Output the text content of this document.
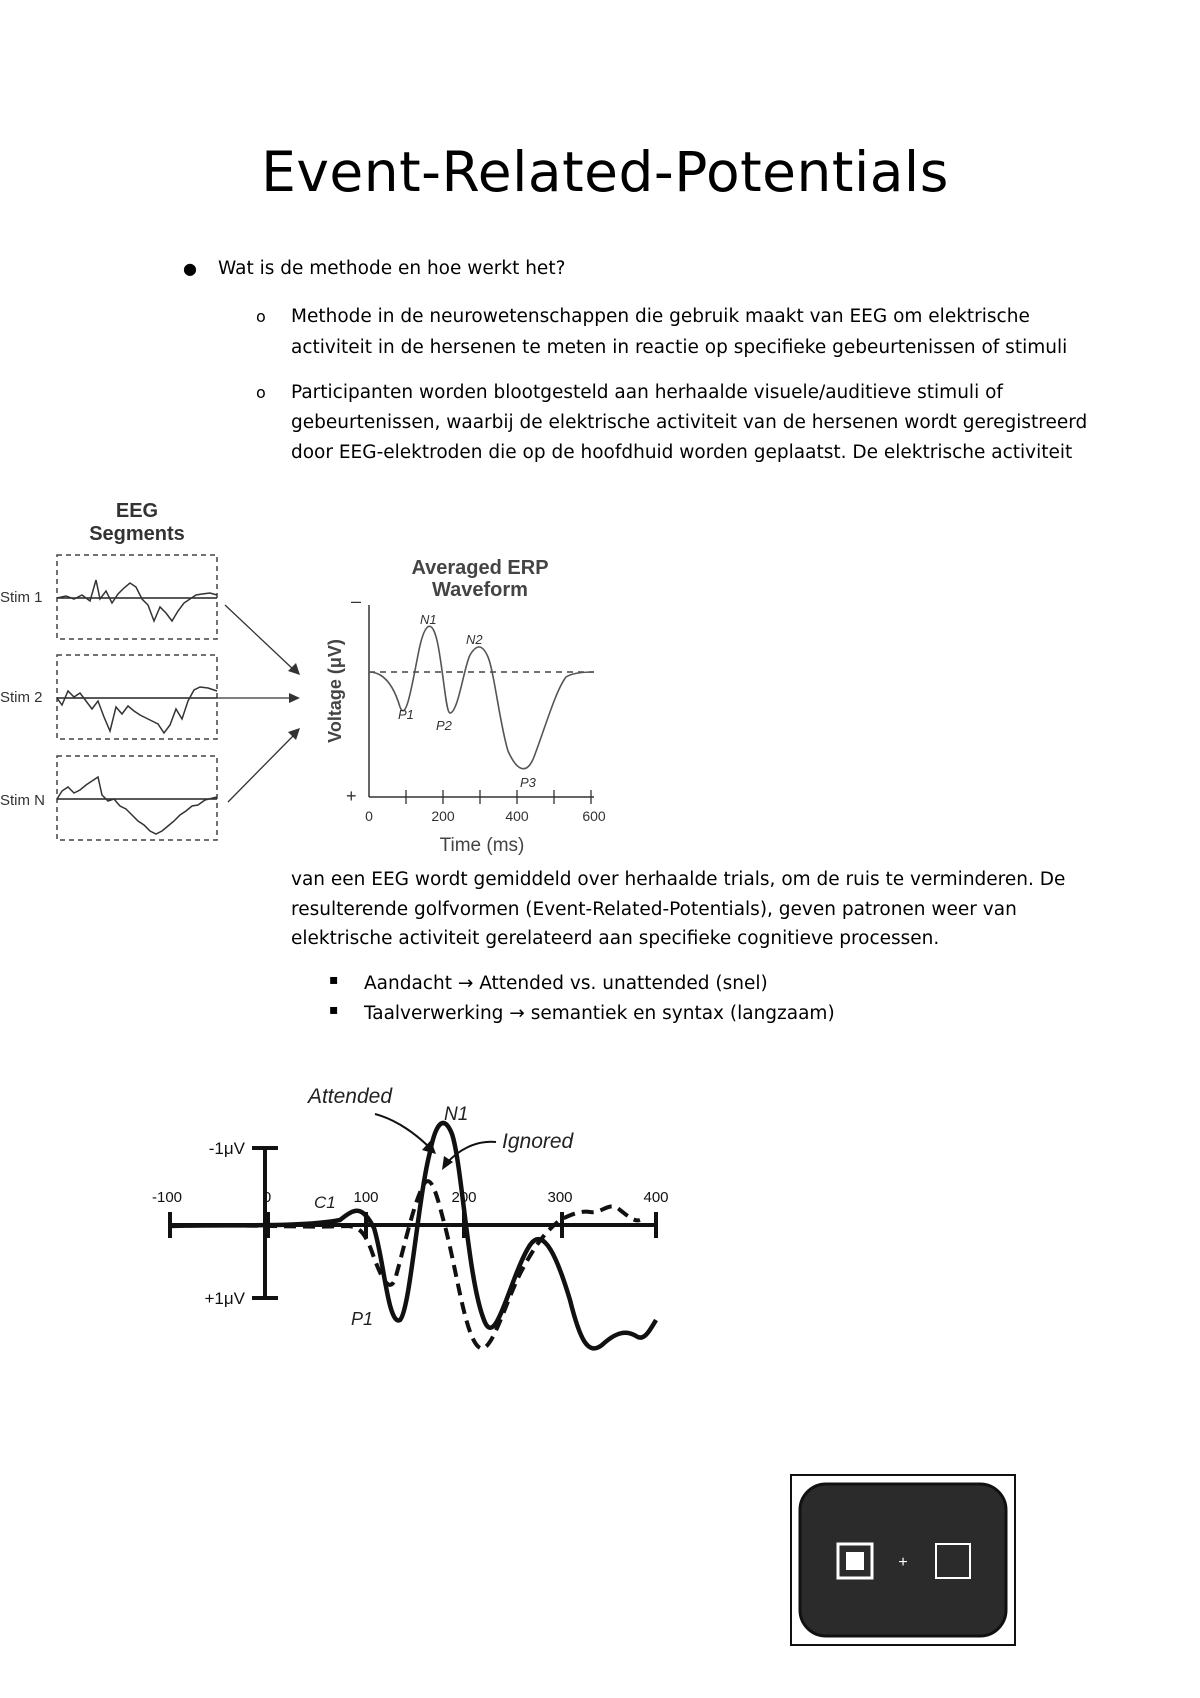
Event-Related-Potentials
● Wat is de methode en hoe werkt het?
o Methode in de neurowetenschappen die gebruik maakt van EEG om elektrische
activiteit in de hersenen te meten in reactie op specifieke gebeurtenissen of stimuli
o Participanten worden blootgesteld aan herhaalde visuele/auditieve stimuli of
gebeurtenissen, waarbij de elektrische activiteit van de hersenen wordt geregistreerd
door EEG-elektroden die op de hoofdhuid worden geplaatst. De elektrische activiteit
EEG
Segments
Stim 1
Stim 2
Stim N
Averaged ERP
Waveform
–
+
Voltage (μV)
0	200	400	600
Time (ms)
N1
N2
P1
P2
P3
van een EEG wordt gemiddeld over herhaalde trials, om de ruis te verminderen. De
resulterende golfvormen (Event-Related-Potentials), geven patronen weer van
elektrische activiteit gerelateerd aan specifieke cognitieve processen.
▪ Aandacht → Attended vs. unattended (snel)
▪ Taalverwerking → semantiek en syntax (langzaam)
Attended
N1
Ignored
-1μV
+1μV
-100	0	100	200	300	400
C1
P1
+
